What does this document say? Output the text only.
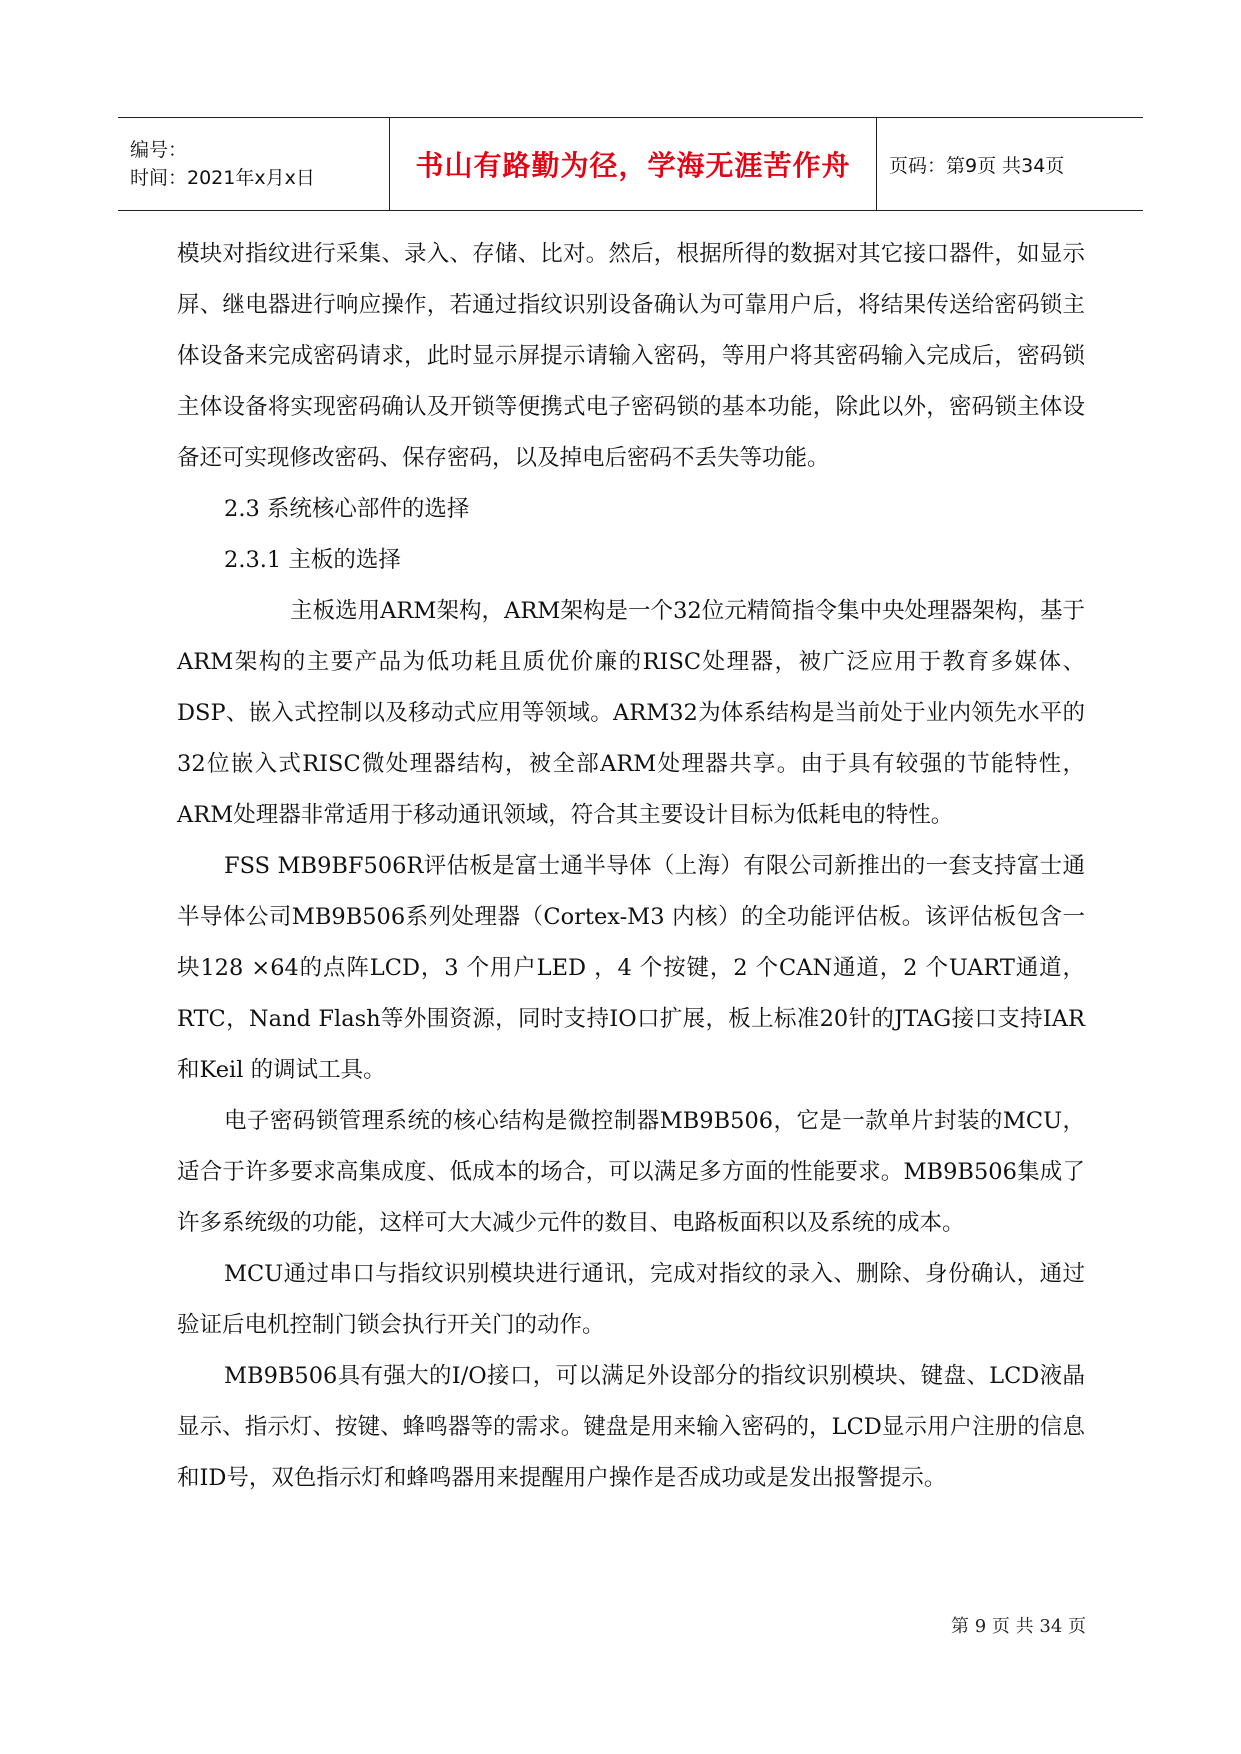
编号：
时间：2021年x月x日	书山有路勤为径，学海无涯苦作舟	页码：第9页 共34页

模块对指纹进行采集、录入、存储、比对。然后，根据所得的数据对其它接口器件，如显示屏、继电器进行响应操作，若通过指纹识别设备确认为可靠用户后，将结果传送给密码锁主体设备来完成密码请求，此时显示屏提示请输入密码，等用户将其密码输入完成后，密码锁主体设备将实现密码确认及开锁等便携式电子密码锁的基本功能，除此以外，密码锁主体设备还可实现修改密码、保存密码，以及掉电后密码不丢失等功能。

2.3 系统核心部件的选择

2.3.1 主板的选择

主板选用ARM架构，ARM架构是一个32位元精简指令集中央处理器架构，基于ARM架构的主要产品为低功耗且质优价廉的RISC处理器，被广泛应用于教育多媒体、DSP、嵌入式控制以及移动式应用等领域。ARM32为体系结构是当前处于业内领先水平的32位嵌入式RISC微处理器结构，被全部ARM处理器共享。由于具有较强的节能特性，ARM处理器非常适用于移动通讯领域，符合其主要设计目标为低耗电的特性。

FSS MB9BF506R评估板是富士通半导体（上海）有限公司新推出的一套支持富士通半导体公司MB9B506系列处理器（Cortex-M3 内核）的全功能评估板。该评估板包含一块128 ×64的点阵LCD，3 个用户LED ，4 个按键，2 个CAN通道，2 个UART通道，RTC，Nand Flash等外围资源，同时支持IO口扩展，板上标准20针的JTAG接口支持IAR 和Keil 的调试工具。

电子密码锁管理系统的核心结构是微控制器MB9B506，它是一款单片封装的MCU，适合于许多要求高集成度、低成本的场合，可以满足多方面的性能要求。MB9B506集成了许多系统级的功能，这样可大大减少元件的数目、电路板面积以及系统的成本。

MCU通过串口与指纹识别模块进行通讯，完成对指纹的录入、删除、身份确认，通过验证后电机控制门锁会执行开关门的动作。

MB9B506具有强大的I/O接口，可以满足外设部分的指纹识别模块、键盘、LCD液晶显示、指示灯、按键、蜂鸣器等的需求。键盘是用来输入密码的，LCD显示用户注册的信息和ID号，双色指示灯和蜂鸣器用来提醒用户操作是否成功或是发出报警提示。

第 9 页 共 34 页
